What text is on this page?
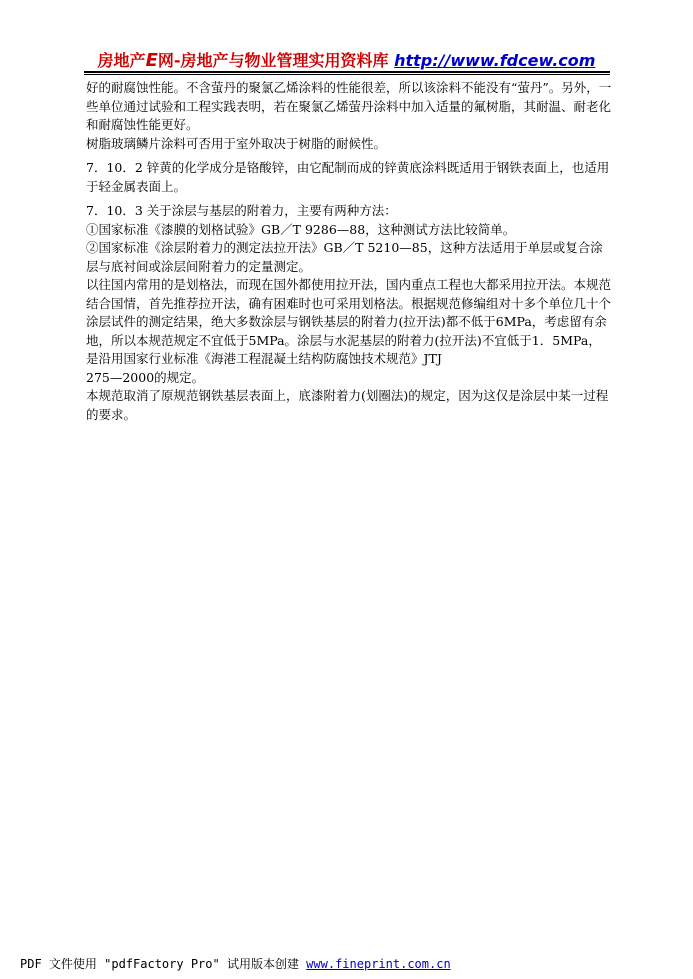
房地产E网-房地产与物业管理实用资料库 http://www.fdcew.com

好的耐腐蚀性能。不含萤丹的聚氯乙烯涂料的性能很差，所以该涂料不能没有“萤丹”。另外，一些单位通过试验和工程实践表明，若在聚氯乙烯萤丹涂料中加入适量的氟树脂，其耐温、耐老化和耐腐蚀性能更好。

树脂玻璃鳞片涂料可否用于室外取决于树脂的耐候性。

7．10．2 锌黄的化学成分是铬酸锌，由它配制而成的锌黄底涂料既适用于钢铁表面上，也适用于轻金属表面上。

7．10．3 关于涂层与基层的附着力，主要有两种方法：

①国家标准《漆膜的划格试验》GB／T 9286—88，这种测试方法比较简单。

②国家标准《涂层附着力的测定法拉开法》GB／T 5210—85，这种方法适用于单层或复合涂层与底衬间或涂层间附着力的定量测定。

以往国内常用的是划格法，而现在国外都使用拉开法，国内重点工程也大都采用拉开法。本规范结合国情，首先推荐拉开法，确有困难时也可采用划格法。根据规范修编组对十多个单位几十个涂层试件的测定结果，绝大多数涂层与钢铁基层的附着力(拉开法)都不低于6MPa，考虑留有余地，所以本规范规定不宜低于5MPa。涂层与水泥基层的附着力(拉开法)不宜低于1．5MPa，是沿用国家行业标准《海港工程混凝土结构防腐蚀技术规范》JTJ

275—2000的规定。

本规范取消了原规范钢铁基层表面上，底漆附着力(划圈法)的规定，因为这仅是涂层中某一过程的要求。

PDF 文件使用 "pdfFactory Pro" 试用版本创建 www.fineprint.com.cn
